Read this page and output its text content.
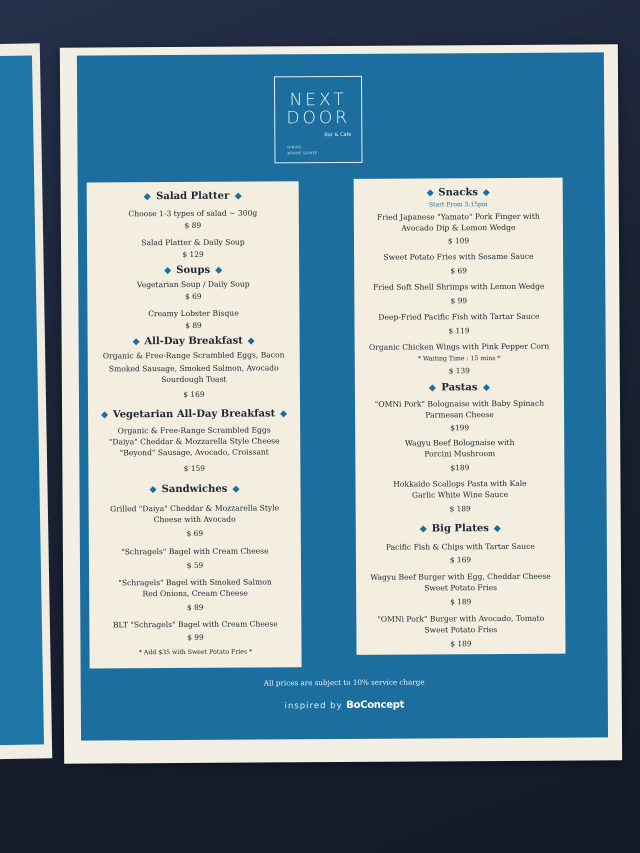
NEXT
DOOR
Bar & Cafe
DINING
BONNE SOIRÉE
Salad Platter
Choose 1-3 types of salad ~ 300g
$ 89
Salad Platter & Daily Soup
$ 129
Soups
Vegetarian Soup / Daily Soup
$ 69
Creamy Lobster Bisque
$ 89
All-Day Breakfast
Organic & Free-Range Scrambled Eggs, Bacon
Smoked Sausage, Smoked Salmon, Avocado
Sourdough Toast
$ 169
Vegetarian All-Day Breakfast
Organic & Free-Range Scrambled Eggs
"Daiya" Cheddar & Mozzarella Style Cheese
"Beyond" Sausage, Avocado, Croissant
$ 159
Sandwiches
Grilled "Daiya" Cheddar & Mozzarella Style
Cheese with Avocado
$ 69
"Schragels" Bagel with Cream Cheese
$ 59
"Schragels" Bagel with Smoked Salmon
Red Onions, Cream Cheese
$ 89
BLT "Schragels" Bagel with Cream Cheese
$ 99
* Add $35 with Sweet Potato Fries *
Snacks
Start From 3:15pm
Fried Japanese "Yamato" Pork Finger with
Avocado Dip & Lemon Wedge
$ 109
Sweet Potato Fries with Sesame Sauce
$ 69
Fried Soft Shell Shrimps with Lemon Wedge
$ 99
Deep-Fried Pacific Fish with Tartar Sauce
$ 119
Organic Chicken Wings with Pink Pepper Corn
* Waiting Time : 15 mins *
$ 139
Pastas
"OMNi Pork" Bolognaise with Baby Spinach
Parmesan Cheese
$199
Wagyu Beef Bolognaise with
Porcini Mushroom
$189
Hokkaido Scallops Pasta with Kale
Garlic White Wine Sauce
$ 189
Big Plates
Pacific Fish & Chips with Tartar Sauce
$ 169
Wagyu Beef Burger with Egg, Cheddar Cheese
Sweet Potato Fries
$ 189
"OMNi Pork" Burger with Avocado, Tomato
Sweet Potato Fries
$ 189
All prices are subject to 10% service charge
inspired by BoConcept
